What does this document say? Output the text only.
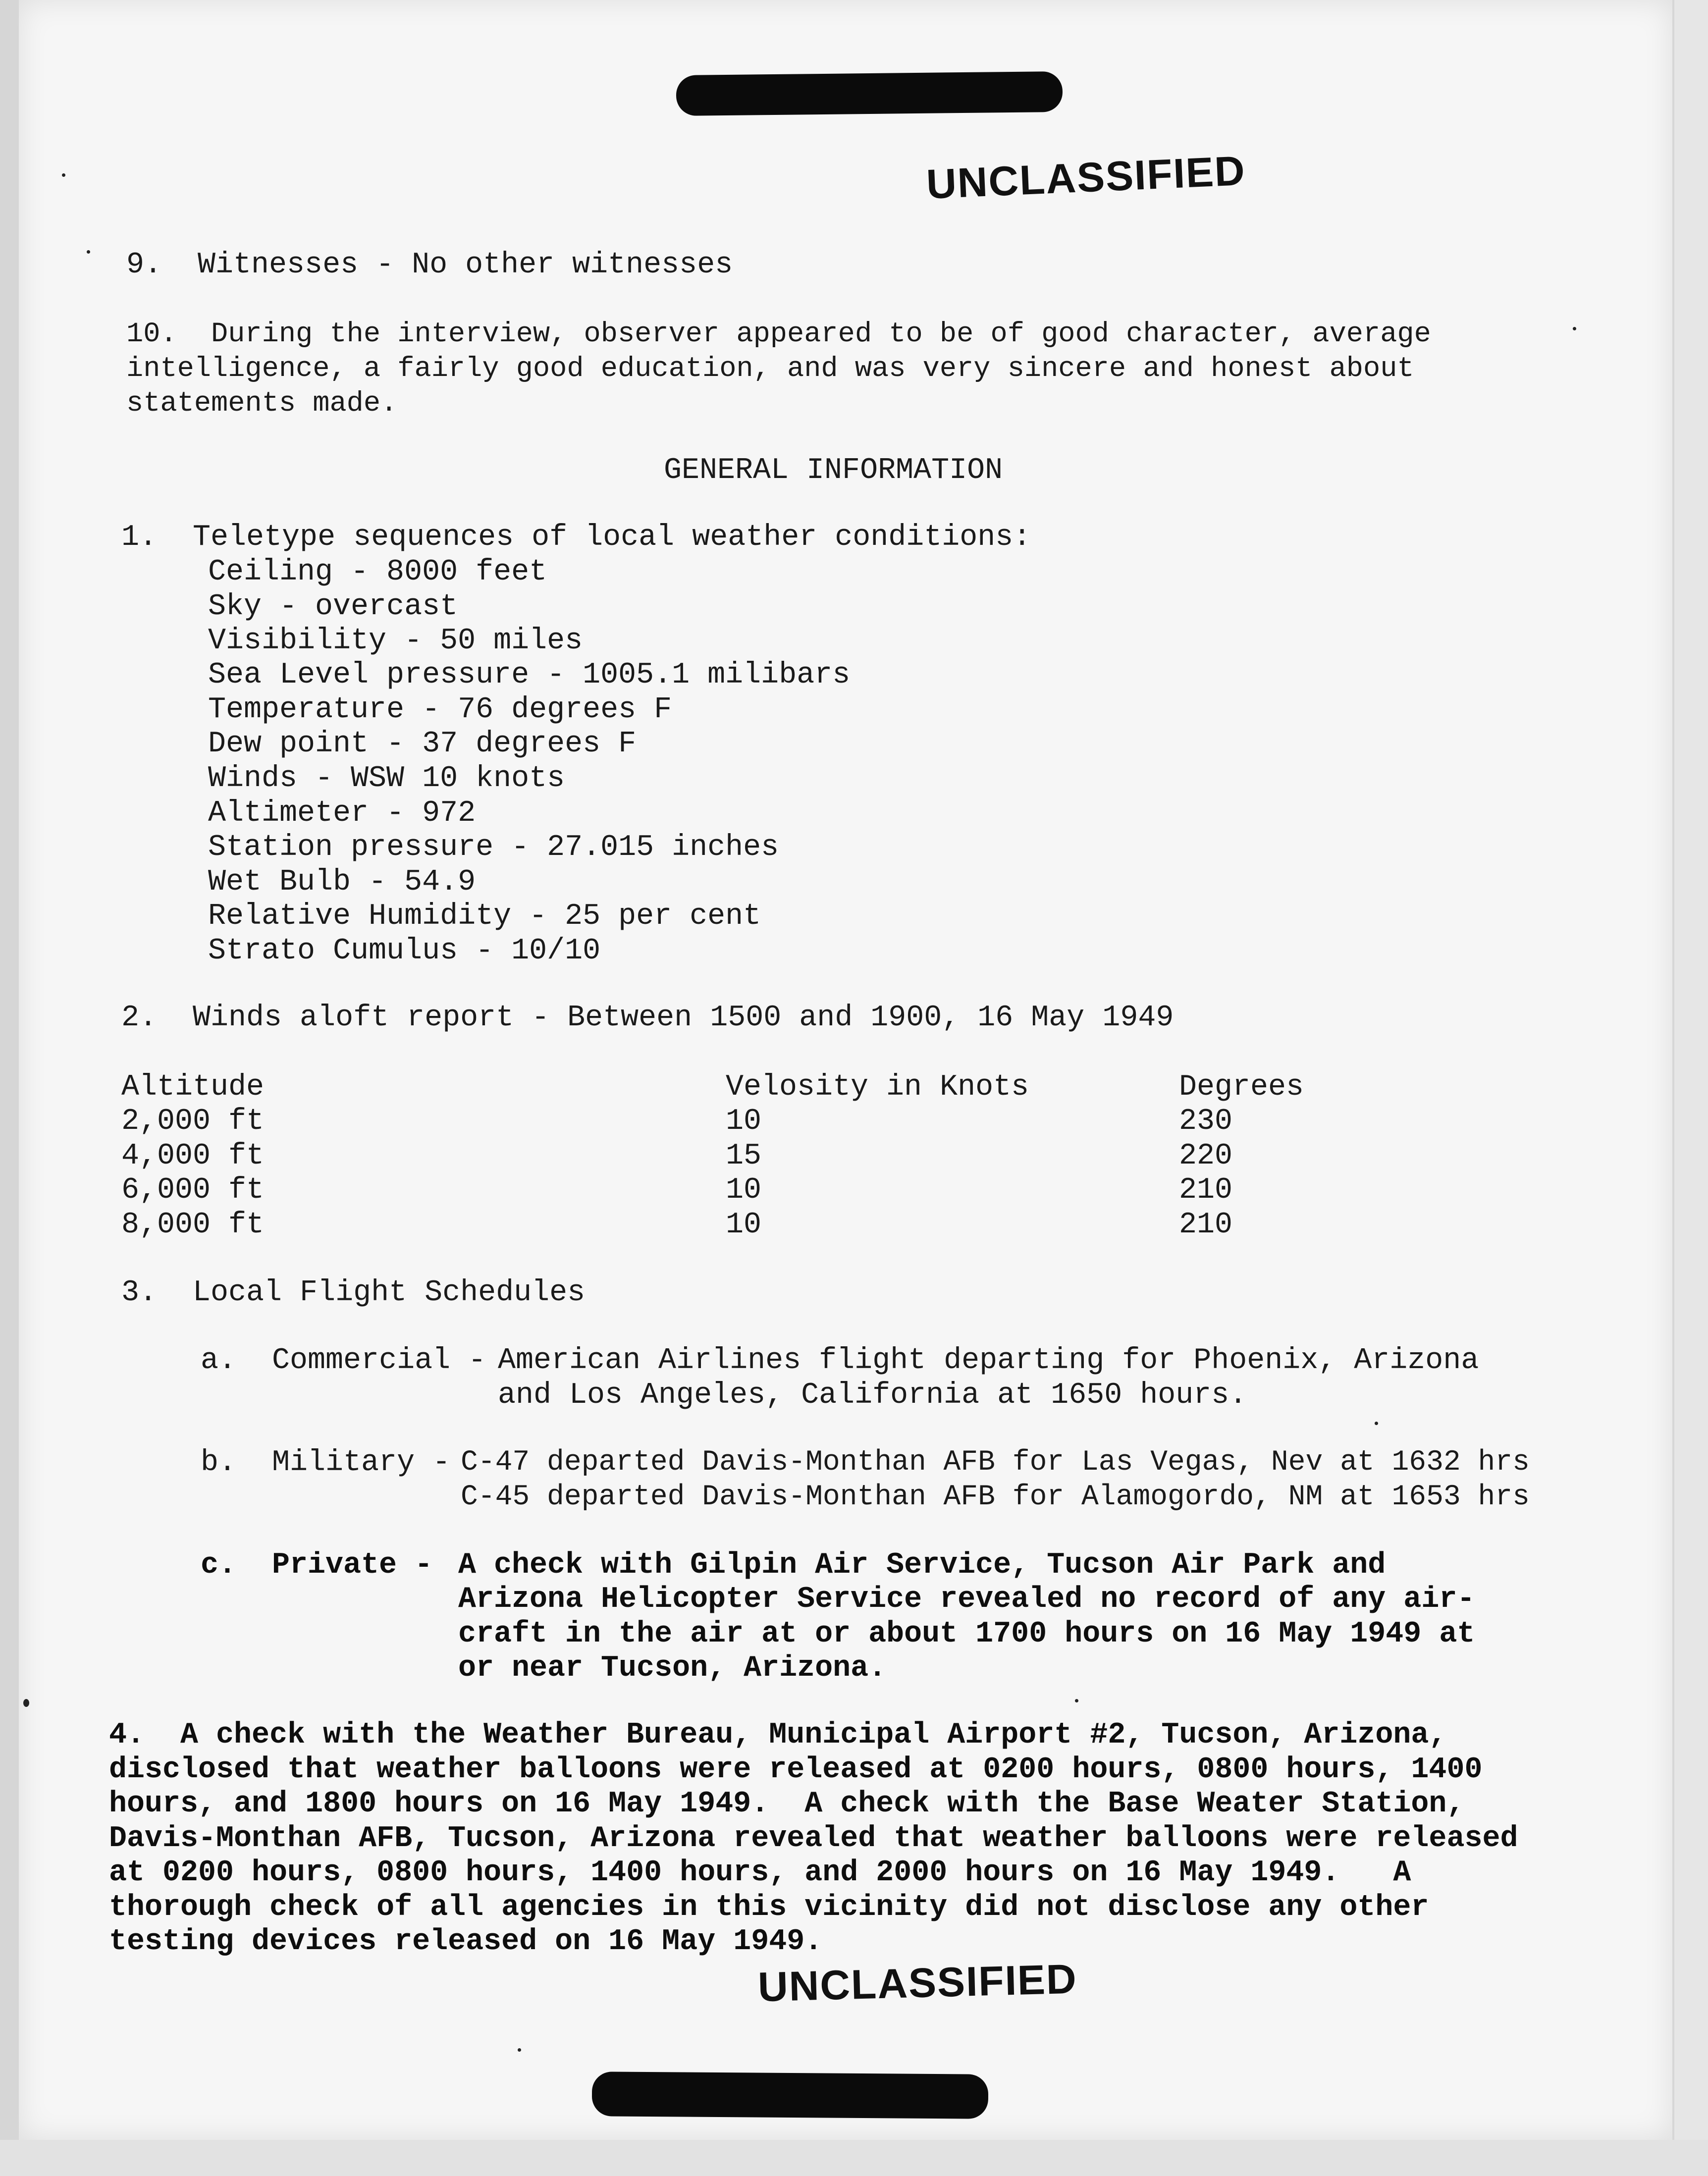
UNCLASSIFIED
UNCLASSIFIED
9.  Witnesses - No other witnesses
10.  During the interview, observer appeared to be of good character, average
intelligence, a fairly good education, and was very sincere and honest about
statements made.
GENERAL INFORMATION
1.  Teletype sequences of local weather conditions:
Ceiling - 8000 feet
Sky - overcast
Visibility - 50 miles
Sea Level pressure - 1005.1 milibars
Temperature - 76 degrees F
Dew point - 37 degrees F
Winds - WSW 10 knots
Altimeter - 972
Station pressure - 27.015 inches
Wet Bulb - 54.9
Relative Humidity - 25 per cent
Strato Cumulus - 10/10
2.  Winds aloft report - Between 1500 and 1900, 16 May 1949
Altitude	Velosity in Knots	Degrees
2,000 ft	10	230
4,000 ft	15	220
6,000 ft	10	210
8,000 ft	10	210
3.  Local Flight Schedules
a.  Commercial - American Airlines flight departing for Phoenix, Arizona
and Los Angeles, California at 1650 hours.
b.  Military - C-47 departed Davis-Monthan AFB for Las Vegas, Nev at 1632 hrs
C-45 departed Davis-Monthan AFB for Alamogordo, NM at 1653 hrs
c.  Private - A check with Gilpin Air Service, Tucson Air Park and
Arizona Helicopter Service revealed no record of any air-
craft in the air at or about 1700 hours on 16 May 1949 at
or near Tucson, Arizona.
4.  A check with the Weather Bureau, Municipal Airport #2, Tucson, Arizona,
disclosed that weather balloons were released at 0200 hours, 0800 hours, 1400
hours, and 1800 hours on 16 May 1949.  A check with the Base Weater Station,
Davis-Monthan AFB, Tucson, Arizona revealed that weather balloons were released
at 0200 hours, 0800 hours, 1400 hours, and 2000 hours on 16 May 1949.   A
thorough check of all agencies in this vicinity did not disclose any other
testing devices released on 16 May 1949.
